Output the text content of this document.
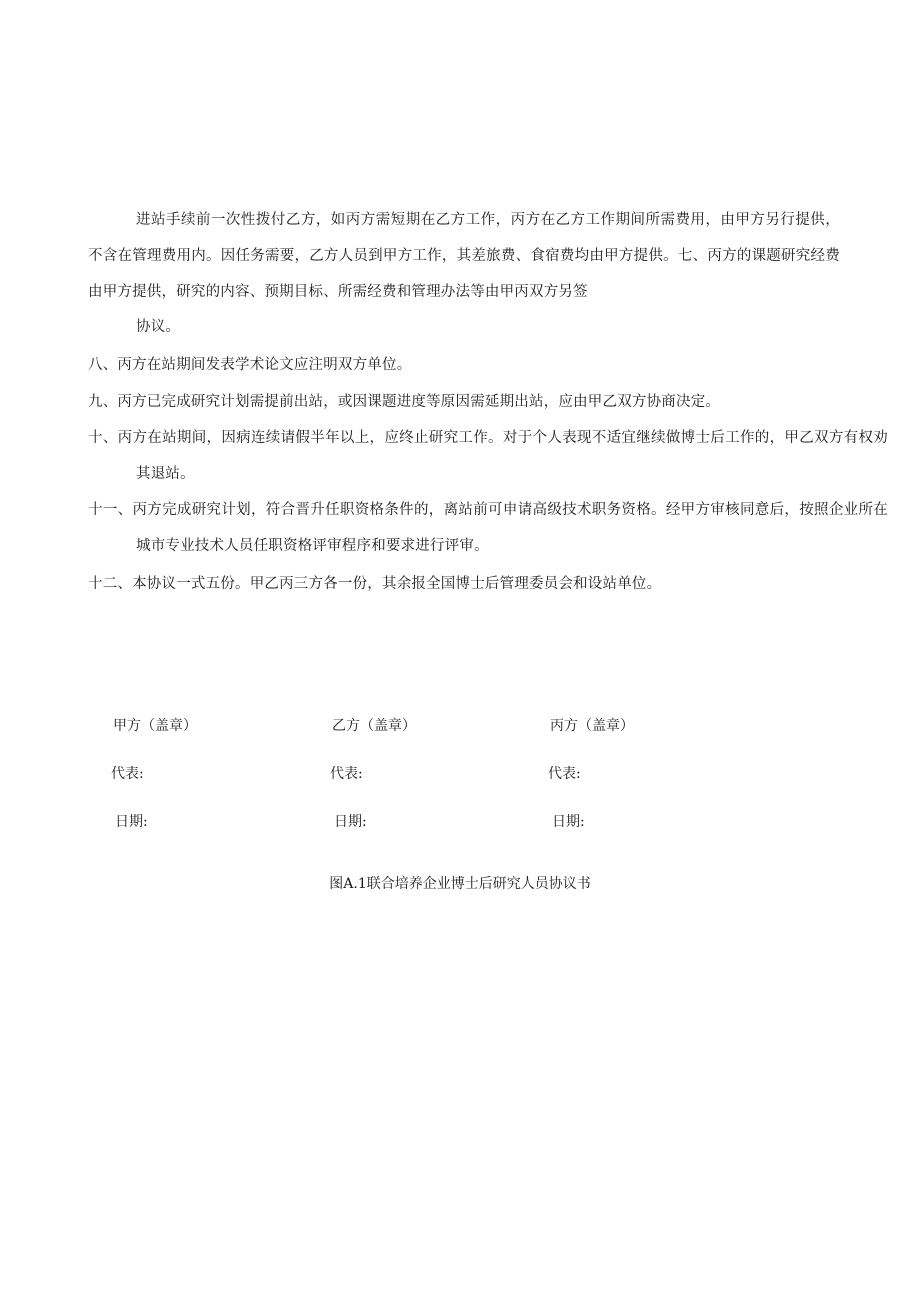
进站手续前一次性拨付乙方，如丙方需短期在乙方工作，丙方在乙方工作期间所需费用，由甲方另行提供，不含在管理费用内。因任务需要，乙方人员到甲方工作，其差旅费、食宿费均由甲方提供。七、丙方的课题研究经费由甲方提供，研究的内容、预期目标、所需经费和管理办法等由甲丙双方另签

协议。

八、丙方在站期间发表学术论文应注明双方单位。

九、丙方已完成研究计划需提前出站，或因课题进度等原因需延期出站，应由甲乙双方协商决定。

十、丙方在站期间，因病连续请假半年以上，应终止研究工作。对于个人表现不适宜继续做博士后工作的，甲乙双方有权劝其退站。

十一、丙方完成研究计划，符合晋升任职资格条件的，离站前可申请高级技术职务资格。经甲方审核同意后，按照企业所在城市专业技术人员任职资格评审程序和要求进行评审。

十二、本协议一式五份。甲乙丙三方各一份，其余报全国博士后管理委员会和设站单位。

甲方（盖章）
代表:
日期:
乙方（盖章）
代表:
日期:
丙方（盖章）
代表:
日期:

图A.1联合培养企业博士后研究人员协议书
